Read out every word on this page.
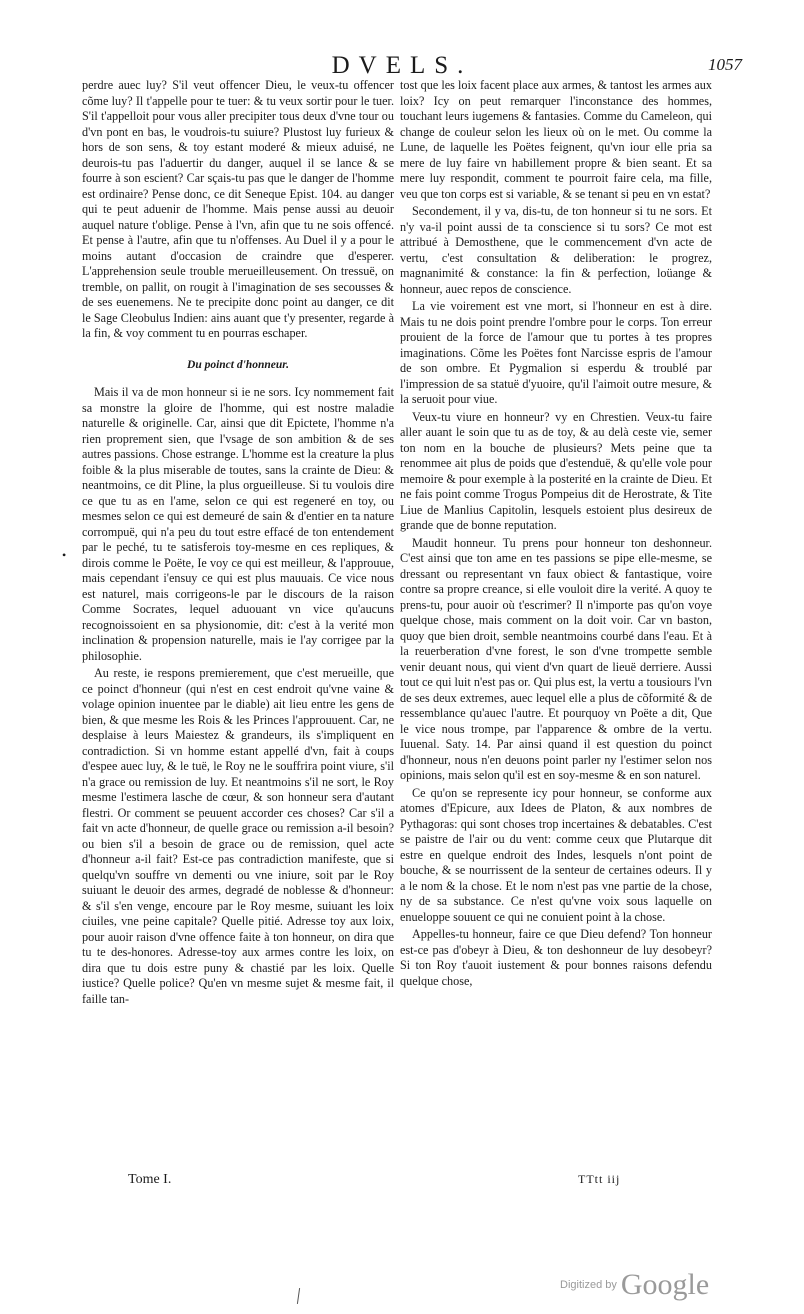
DVELS.	1057
•

perdre auec luy? S'il veut offencer Dieu, le veux-tu offencer cõme luy? Il t'appelle pour te tuer: & tu veux sortir pour le tuer. S'il t'appelloit pour vous aller precipiter tous deux d'vne tour ou d'vn pont en bas, le voudrois-tu suiure? Plustost luy furieux & hors de son sens, & toy estant moderé & mieux aduisé, ne deurois-tu pas l'aduertir du danger, auquel il se lance & se fourre à son escient? Car sçais-tu pas que le danger de l'homme est ordinaire? Pense donc, ce dit Seneque Epist. 104. au danger qui te peut aduenir de l'homme. Mais pense aussi au deuoir auquel nature t'oblige. Pense à l'vn, afin que tu ne sois offencé. Et pense à l'autre, afin que tu n'offenses. Au Duel il y a pour le moins autant d'occasion de craindre que d'esperer. L'apprehension seule trouble merueilleusement. On tressuë, on tremble, on pallit, on rougit à l'imagination de ses secousses & de ses euenemens. Ne te precipite donc point au danger, ce dit le Sage Cleobulus Indien: ains auant que t'y presenter, regarde à la fin, & voy comment tu en pourras eschaper.

Du poinct d'honneur.

Mais il va de mon honneur si ie ne sors. Icy nommement fait sa monstre la gloire de l'homme, qui est nostre maladie naturelle & originelle. Car, ainsi que dit Epictete, l'homme n'a rien proprement sien, que l'vsage de son ambition & de ses autres passions. Chose estrange. L'homme est la creature la plus foible & la plus miserable de toutes, sans la crainte de Dieu: & neantmoins, ce dit Pline, la plus orgueilleuse. Si tu voulois dire ce que tu as en l'ame, selon ce qui est regeneré en toy, ou mesmes selon ce qui est demeuré de sain & d'entier en ta nature corrompuë, qui n'a peu du tout estre effacé de ton entendement par le peché, tu te satisferois toy-mesme en ces repliques, & dirois comme le Poëte, Ie voy ce qui est meilleur, & l'approuue, mais cependant i'ensuy ce qui est plus mauuais. Ce vice nous est naturel, mais corrigeons-le par le discours de la raison Comme Socrates, lequel aduouant vn vice qu'aucuns recognoissoient en sa physionomie, dit: c'est à la verité mon inclination & propension naturelle, mais ie l'ay corrigee par la philosophie.

Au reste, ie respons premierement, que c'est merueille, que ce poinct d'honneur (qui n'est en cest endroit qu'vne vaine & volage opinion inuentee par le diable) ait lieu entre les gens de bien, & que mesme les Rois & les Princes l'approuuent. Car, ne desplaise à leurs Maiestez & grandeurs, ils s'impliquent en contradiction. Si vn homme estant appellé d'vn, fait à coups d'espee auec luy, & le tuë, le Roy ne le souffrira point viure, s'il n'a grace ou remission de luy. Et neantmoins s'il ne sort, le Roy mesme l'estimera lasche de cœur, & son honneur sera d'autant flestri. Or comment se peuuent accorder ces choses? Car s'il a fait vn acte d'honneur, de quelle grace ou remission a-il besoin? ou bien s'il a besoin de grace ou de remission, quel acte d'honneur a-il fait? Est-ce pas contradiction manifeste, que si quelqu'vn souffre vn dementi ou vne iniure, soit par le Roy suiuant le deuoir des armes, degradé de noblesse & d'honneur: & s'il s'en venge, encoure par le Roy mesme, suiuant les loix ciuiles, vne peine capitale? Quelle pitié. Adresse toy aux loix, pour auoir raison d'vne offence faite à ton honneur, on dira que tu te des-honores. Adresse-toy aux armes contre les loix, on dira que tu dois estre puny & chastié par les loix. Quelle iustice? Quelle police? Qu'en vn mesme sujet & mesme fait, il faille tan-

tost que les loix facent place aux armes, & tantost les armes aux loix? Icy on peut remarquer l'inconstance des hommes, touchant leurs iugemens & fantasies. Comme du Cameleon, qui change de couleur selon les lieux où on le met. Ou comme la Lune, de laquelle les Poëtes feignent, qu'vn iour elle pria sa mere de luy faire vn habillement propre & bien seant. Et sa mere luy respondit, comment te pourroit faire cela, ma fille, veu que ton corps est si variable, & se tenant si peu en vn estat?

Secondement, il y va, dis-tu, de ton honneur si tu ne sors. Et n'y va-il point aussi de ta conscience si tu sors? Ce mot est attribué à Demosthene, que le commencement d'vn acte de vertu, c'est consultation & deliberation: le progrez, magnanimité & constance: la fin & perfection, loüange & honneur, auec repos de conscience.

La vie voirement est vne mort, si l'honneur en est à dire. Mais tu ne dois point prendre l'ombre pour le corps. Ton erreur prouient de la force de l'amour que tu portes à tes propres imaginations. Cõme les Poëtes font Narcisse espris de l'amour de son ombre. Et Pygmalion si esperdu & troublé par l'impression de sa statuë d'yuoire, qu'il l'aimoit outre mesure, & la seruoit pour viue.

Veux-tu viure en honneur? vy en Chrestien. Veux-tu faire aller auant le soin que tu as de toy, & au delà ceste vie, semer ton nom en la bouche de plusieurs? Mets peine que ta renommee ait plus de poids que d'estenduë, & qu'elle vole pour memoire & pour exemple à la posterité en la crainte de Dieu. Et ne fais point comme Trogus Pompeius dit de Herostrate, & Tite Liue de Manlius Capitolin, lesquels estoient plus desireux de grande que de bonne reputation.

Maudit honneur. Tu prens pour honneur ton deshonneur. C'est ainsi que ton ame en tes passions se pipe elle-mesme, se dressant ou representant vn faux obiect & fantastique, voire contre sa propre creance, si elle vouloit dire la verité. A quoy te prens-tu, pour auoir où t'escrimer? Il n'importe pas qu'on voye quelque chose, mais comment on la doit voir. Car vn baston, quoy que bien droit, semble neantmoins courbé dans l'eau. Et à la reuerberation d'vne forest, le son d'vne trompette semble venir deuant nous, qui vient d'vn quart de lieuë derriere. Aussi tout ce qui luit n'est pas or. Qui plus est, la vertu a tousiours l'vn de ses deux extremes, auec lequel elle a plus de cõformité & de ressemblance qu'auec l'autre. Et pourquoy vn Poëte a dit, Que le vice nous trompe, par l'apparence & ombre de la vertu. Iuuenal. Saty. 14. Par ainsi quand il est question du poinct d'honneur, nous n'en deuons point parler ny l'estimer selon nos opinions, mais selon qu'il est en soy-mesme & en son naturel.

Ce qu'on se represente icy pour honneur, se conforme aux atomes d'Epicure, aux Idees de Platon, & aux nombres de Pythagoras: qui sont choses trop incertaines & debatables. C'est se paistre de l'air ou du vent: comme ceux que Plutarque dit estre en quelque endroit des Indes, lesquels n'ont point de bouche, & se nourrissent de la senteur de certaines odeurs. Il y a le nom & la chose. Et le nom n'est pas vne partie de la chose, ny de sa substance. Ce n'est qu'vne voix sous laquelle on enueloppe souuent ce qui ne conuient point à la chose.

Appelles-tu honneur, faire ce que Dieu defend? Ton honneur est-ce pas d'obeyr à Dieu, & ton deshonneur de luy desobeyr? Si ton Roy t'auoit iustement & pour bonnes raisons defendu quelque chose,

Tome I.	TTtt iij
Digitized by Google
